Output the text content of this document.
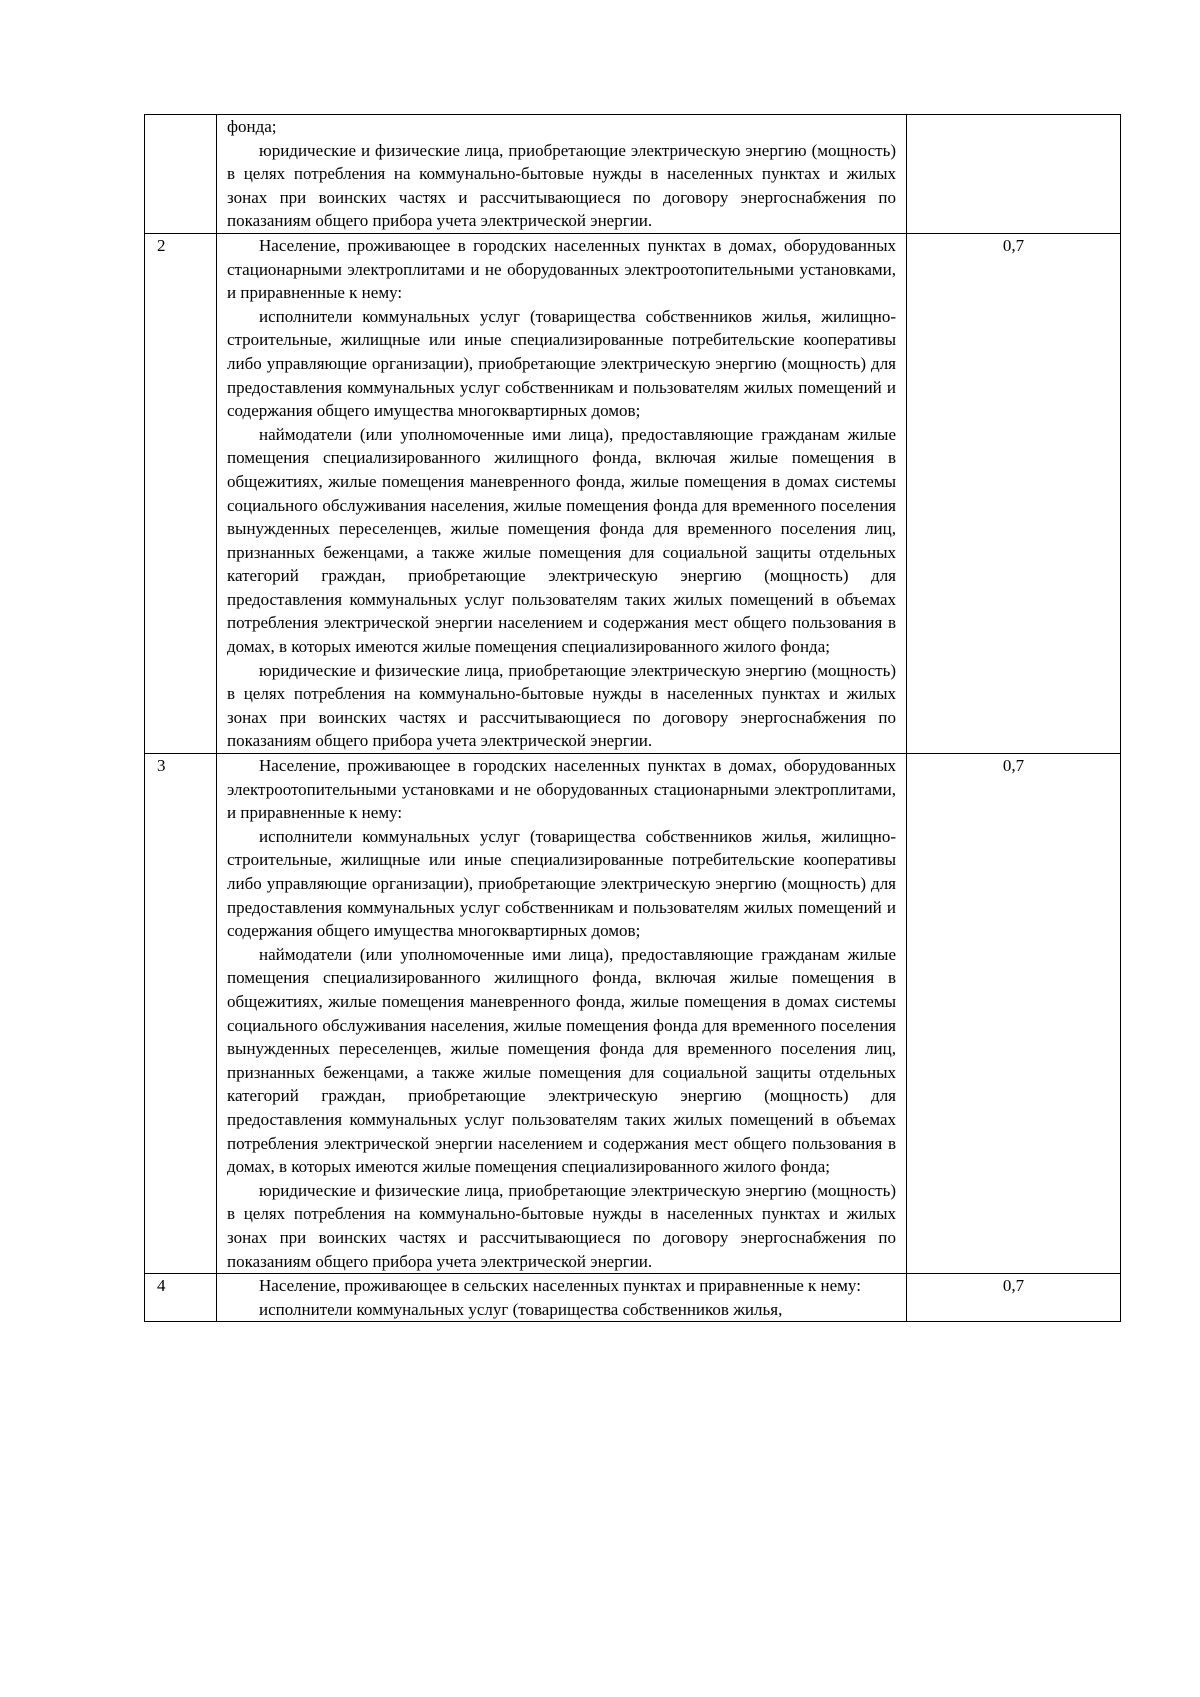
	фонда;

юридические и физические лица, приобретающие электрическую энергию (мощность) в целях потребления на коммунально-бытовые нужды в населенных пунктах и жилых зонах при воинских частях и рассчитывающиеся по договору энергоснабжения по показаниям общего прибора учета электрической энергии.	

2	Население, проживающее в городских населенных пунктах в домах, оборудованных стационарными электроплитами и не оборудованных электроотопительными установками, и приравненные к нему:

исполнители коммунальных услуг (товарищества собственников жилья, жилищно-строительные, жилищные или иные специализированные потребительские кооперативы либо управляющие организации), приобретающие электрическую энергию (мощность) для предоставления коммунальных услуг собственникам и пользователям жилых помещений и содержания общего имущества многоквартирных домов;

наймодатели (или уполномоченные ими лица), предоставляющие гражданам жилые помещения специализированного жилищного фонда, включая жилые помещения в общежитиях, жилые помещения маневренного фонда, жилые помещения в домах системы социального обслуживания населения, жилые помещения фонда для временного поселения вынужденных переселенцев, жилые помещения фонда для временного поселения лиц, признанных беженцами, а также жилые помещения для социальной защиты отдельных категорий граждан, приобретающие электрическую энергию (мощность) для предоставления коммунальных услуг пользователям таких жилых помещений в объемах потребления электрической энергии населением и содержания мест общего пользования в домах, в которых имеются жилые помещения специализированного жилого фонда;

юридические и физические лица, приобретающие электрическую энергию (мощность) в целях потребления на коммунально-бытовые нужды в населенных пунктах и жилых зонах при воинских частях и рассчитывающиеся по договору энергоснабжения по показаниям общего прибора учета электрической энергии.	0,7
3	Население, проживающее в городских населенных пунктах в домах, оборудованных электроотопительными установками и не оборудованных стационарными электроплитами, и приравненные к нему:

исполнители коммунальных услуг (товарищества собственников жилья, жилищно-строительные, жилищные или иные специализированные потребительские кооперативы либо управляющие организации), приобретающие электрическую энергию (мощность) для предоставления коммунальных услуг собственникам и пользователям жилых помещений и содержания общего имущества многоквартирных домов;

наймодатели (или уполномоченные ими лица), предоставляющие гражданам жилые помещения специализированного жилищного фонда, включая жилые помещения в общежитиях, жилые помещения маневренного фонда, жилые помещения в домах системы социального обслуживания населения, жилые помещения фонда для временного поселения вынужденных переселенцев, жилые помещения фонда для временного поселения лиц, признанных беженцами, а также жилые помещения для социальной защиты отдельных категорий граждан, приобретающие электрическую энергию (мощность) для предоставления коммунальных услуг пользователям таких жилых помещений в объемах потребления электрической энергии населением и содержания мест общего пользования в домах, в которых имеются жилые помещения специализированного жилого фонда;

юридические и физические лица, приобретающие электрическую энергию (мощность) в целях потребления на коммунально-бытовые нужды в населенных пунктах и жилых зонах при воинских частях и рассчитывающиеся по договору энергоснабжения по показаниям общего прибора учета электрической энергии.	0,7
4	Население, проживающее в сельских населенных пунктах и приравненные к нему:

исполнители коммунальных услуг (товарищества собственников жилья,	0,7
